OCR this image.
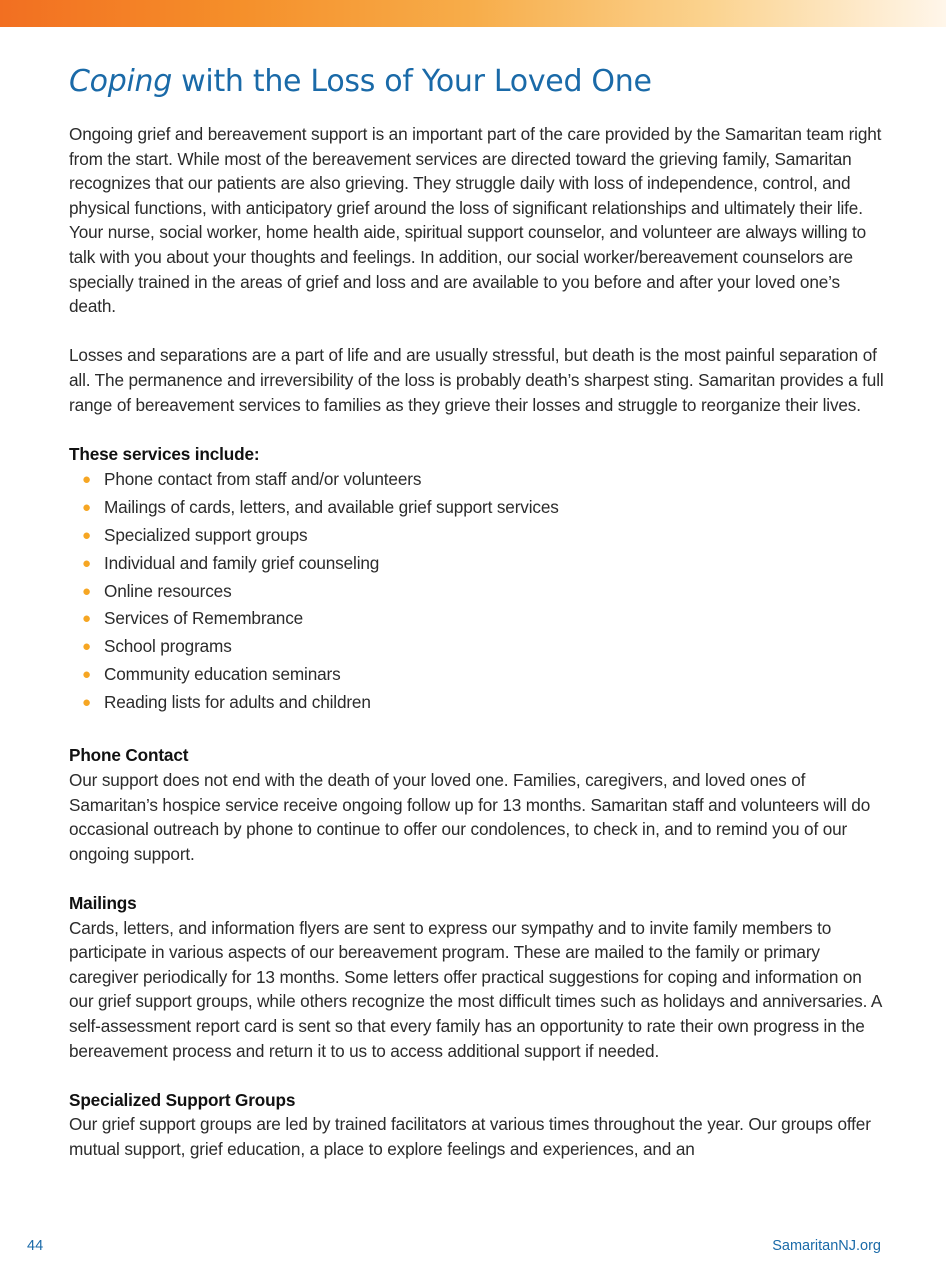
Coping with the Loss of Your Loved One

Ongoing grief and bereavement support is an important part of the care provided by the Samaritan team right from the start. While most of the bereavement services are directed toward the grieving family, Samaritan recognizes that our patients are also grieving. They struggle daily with loss of independence, control, and physical functions, with anticipatory grief around the loss of significant relationships and ultimately their life. Your nurse, social worker, home health aide, spiritual support counselor, and volunteer are always willing to talk with you about your thoughts and feelings. In addition, our social worker/bereavement counselors are specially trained in the areas of grief and loss and are available to you before and after your loved one’s death.

Losses and separations are a part of life and are usually stressful, but death is the most painful separation of all. The permanence and irreversibility of the loss is probably death’s sharpest sting. Samaritan provides a full range of bereavement services to families as they grieve their losses and struggle to reorganize their lives.

These services include:

● Phone contact from staff and/or volunteers
● Mailings of cards, letters, and available grief support services
● Specialized support groups
● Individual and family grief counseling
● Online resources
● Services of Remembrance
● School programs
● Community education seminars
● Reading lists for adults and children

Phone Contact

Our support does not end with the death of your loved one. Families, caregivers, and loved ones of Samaritan’s hospice service receive ongoing follow up for 13 months. Samaritan staff and volunteers will do occasional outreach by phone to continue to offer our condolences, to check in, and to remind you of our ongoing support.

Mailings

Cards, letters, and information flyers are sent to express our sympathy and to invite family members to participate in various aspects of our bereavement program. These are mailed to the family or primary caregiver periodically for 13 months. Some letters offer practical suggestions for coping and information on our grief support groups, while others recognize the most difficult times such as holidays and anniversaries. A self-assessment report card is sent so that every family has an opportunity to rate their own progress in the bereavement process and return it to us to access additional support if needed.

Specialized Support Groups

Our grief support groups are led by trained facilitators at various times throughout the year. Our groups offer mutual support, grief education, a place to explore feelings and experiences, and an

44	SamaritanNJ.org
